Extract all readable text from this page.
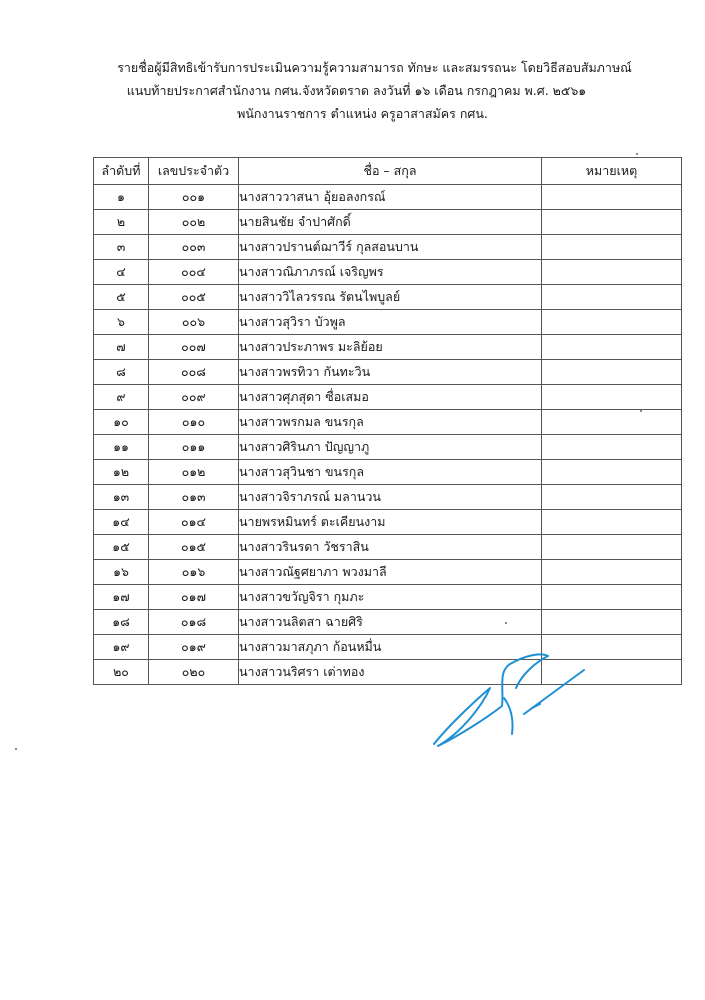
รายชื่อผู้มีสิทธิเข้ารับการประเมินความรู้ความสามารถ ทักษะ และสมรรถนะ โดยวิธีสอบสัมภาษณ์
แนบท้ายประกาศสำนักงาน กศน.จังหวัดตราด ลงวันที่ ๑๖ เดือน กรกฎาคม พ.ศ. ๒๕๖๑
พนักงานราชการ ตำแหน่ง ครูอาสาสมัคร กศน.
ลำดับที่	เลขประจำตัว	ชื่อ – สกุล	หมายเหตุ
๑	๐๐๑	นางสาววาสนา อุ้ยอลงกรณ์	
๒	๐๐๒	นายสินชัย จำปาศักดิ์	
๓	๐๐๓	นางสาวปรานต์ฌาวีร์ กุลสอนบาน	
๔	๐๐๔	นางสาวณิภาภรณ์ เจริญพร	
๕	๐๐๕	นางสาววิไลวรรณ รัตนไพบูลย์	
๖	๐๐๖	นางสาวสุวิรา บัวพูล	
๗	๐๐๗	นางสาวประภาพร มะลิย้อย	
๘	๐๐๘	นางสาวพรทิวา กันทะวิน	
๙	๐๐๙	นางสาวศุภสุดา ซื่อเสมอ	
๑๐	๐๑๐	นางสาวพรกมล ขนรกุล	
๑๑	๐๑๑	นางสาวศิรินภา ปัญญาภู	
๑๒	๐๑๒	นางสาวสุวินชา ขนรกุล	
๑๓	๐๑๓	นางสาวจิราภรณ์ มลานวน	
๑๔	๐๑๔	นายพรหมินทร์ ตะเคียนงาม	
๑๕	๐๑๕	นางสาวรินรดา วัชราสิน	
๑๖	๐๑๖	นางสาวณัฐศยาภา พวงมาลี	
๑๗	๐๑๗	นางสาวขวัญจิรา กุมภะ	
๑๘	๐๑๘	นางสาวนลิตสา ฉายศิริ	
๑๙	๐๑๙	นางสาวมาสภุภา ก้อนหมื่น	
๒๐	๐๒๐	นางสาวนริศรา เต่าทอง	
